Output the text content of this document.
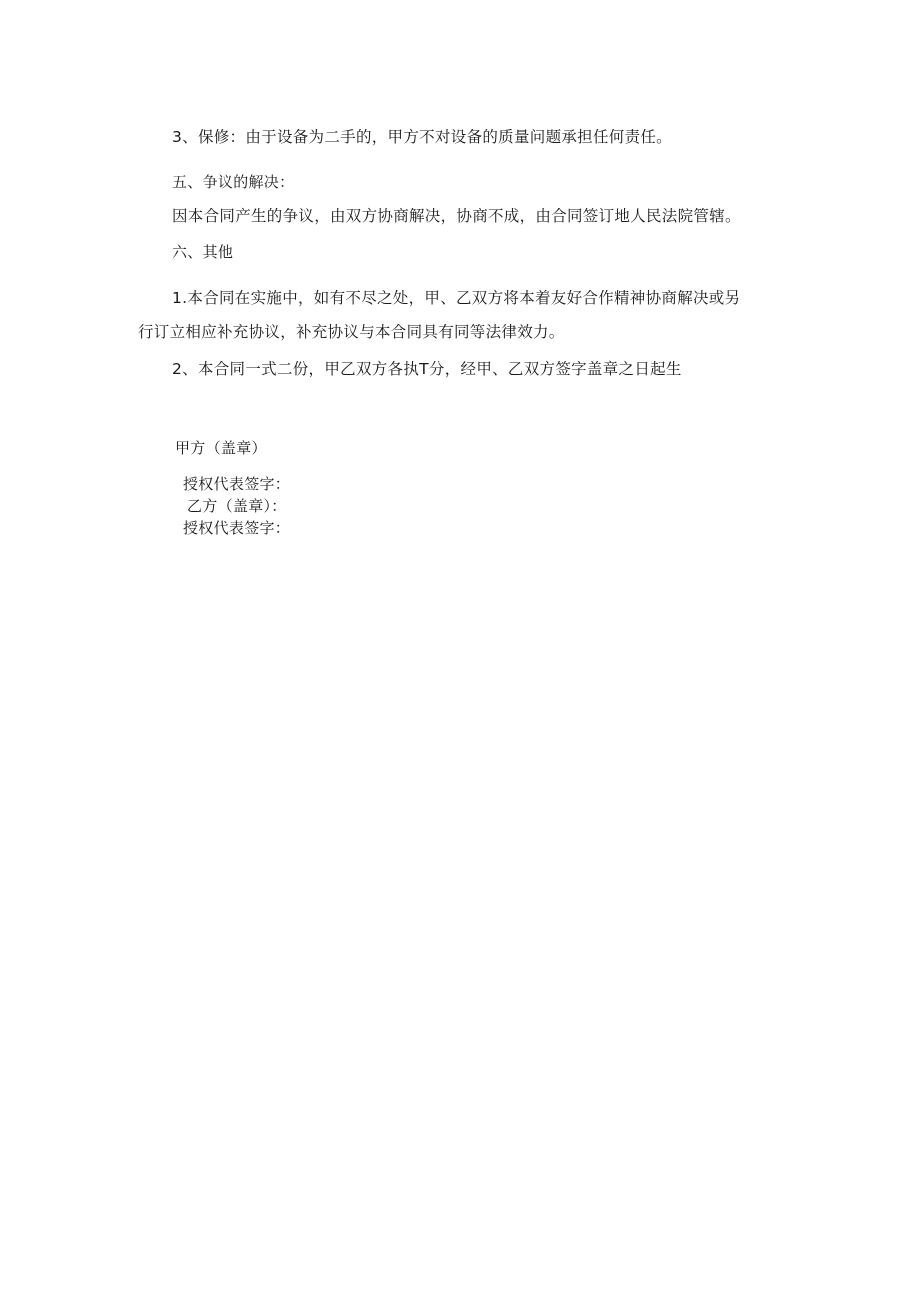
3、保修：由于设备为二手的，甲方不对设备的质量问题承担任何责任。
五、争议的解决：
因本合同产生的争议，由双方协商解决，协商不成，由合同签订地人民法院管辖。
六、其他
1.本合同在实施中，如有不尽之处，甲、乙双方将本着友好合作精神协商解决或另
行订立相应补充协议，补充协议与本合同具有同等法律效力。
2、本合同一式二份，甲乙双方各执T分，经甲、乙双方签字盖章之日起生
甲方（盖章）
授权代表签字：
乙方（盖章）：
授权代表签字：
